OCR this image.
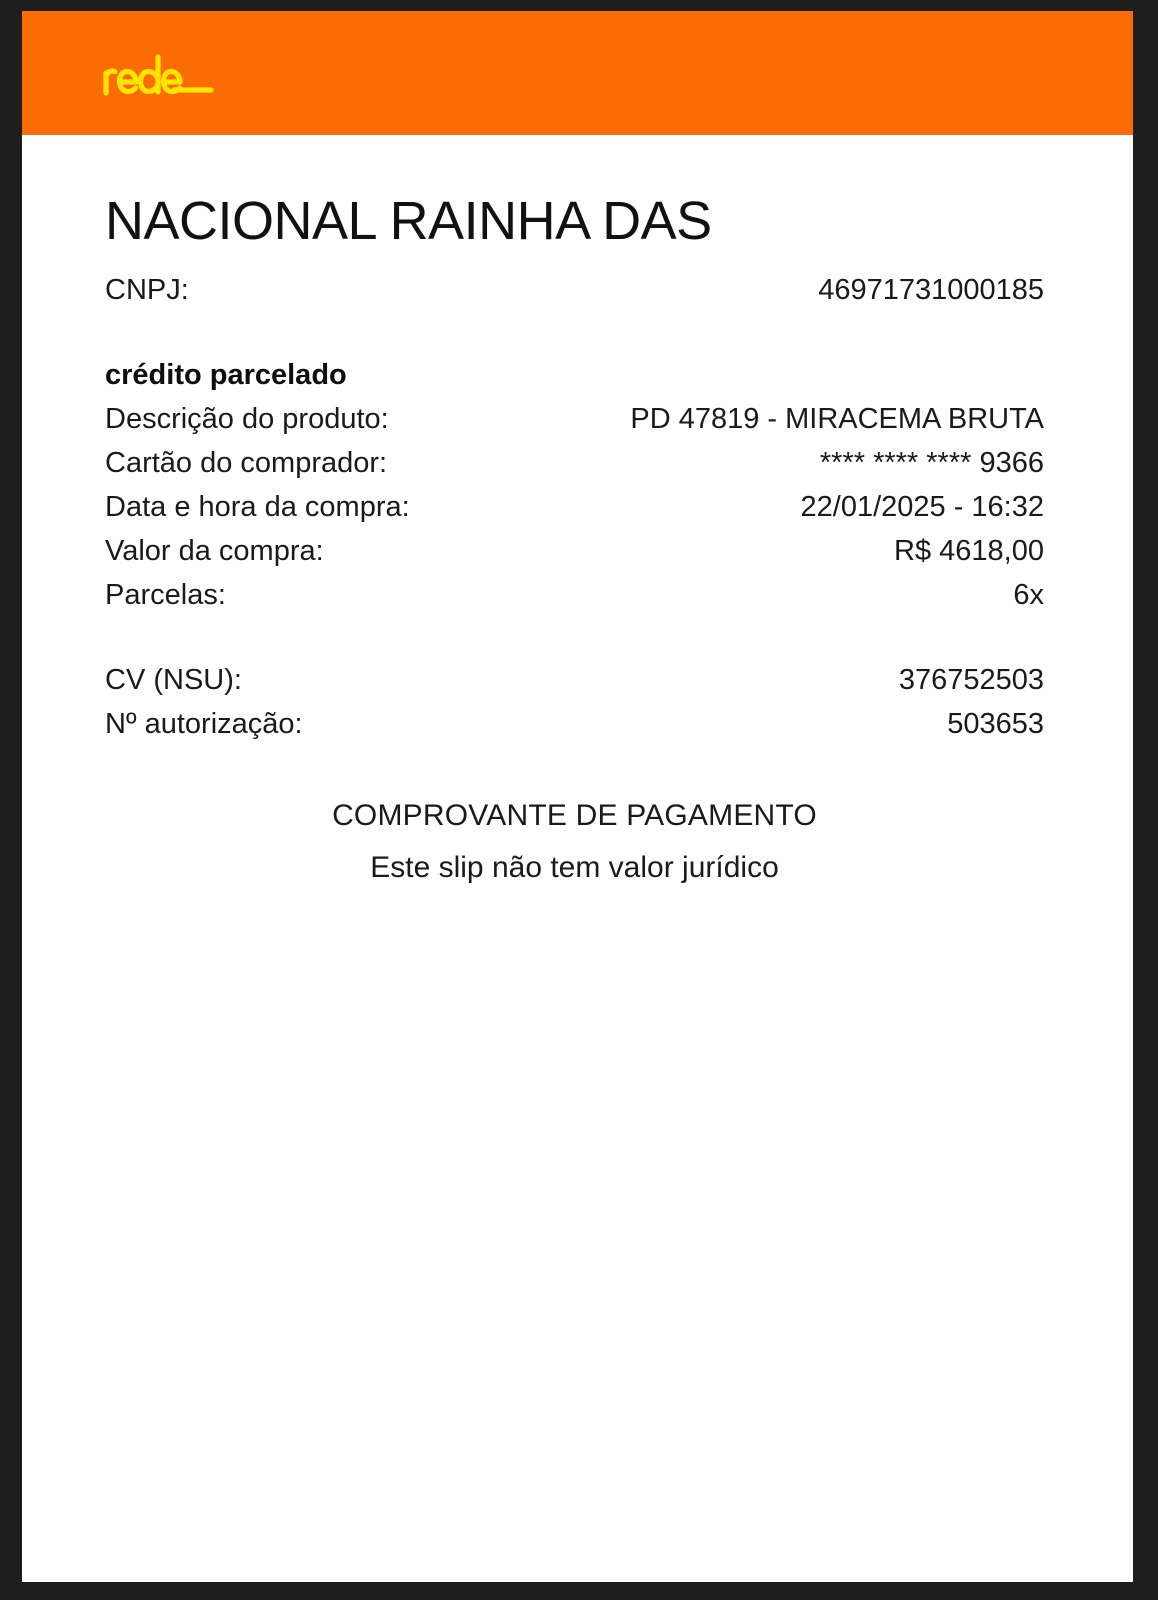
NACIONAL RAINHA DAS
CNPJ:	46971731000185
crédito parcelado
Descrição do produto:	PD 47819 - MIRACEMA BRUTA
Cartão do comprador:	**** **** **** 9366
Data e hora da compra:	22/01/2025 - 16:32
Valor da compra:	R$ 4618,00
Parcelas:	6x
CV (NSU):	376752503
Nº autorização:	503653
COMPROVANTE DE PAGAMENTO
Este slip não tem valor jurídico
